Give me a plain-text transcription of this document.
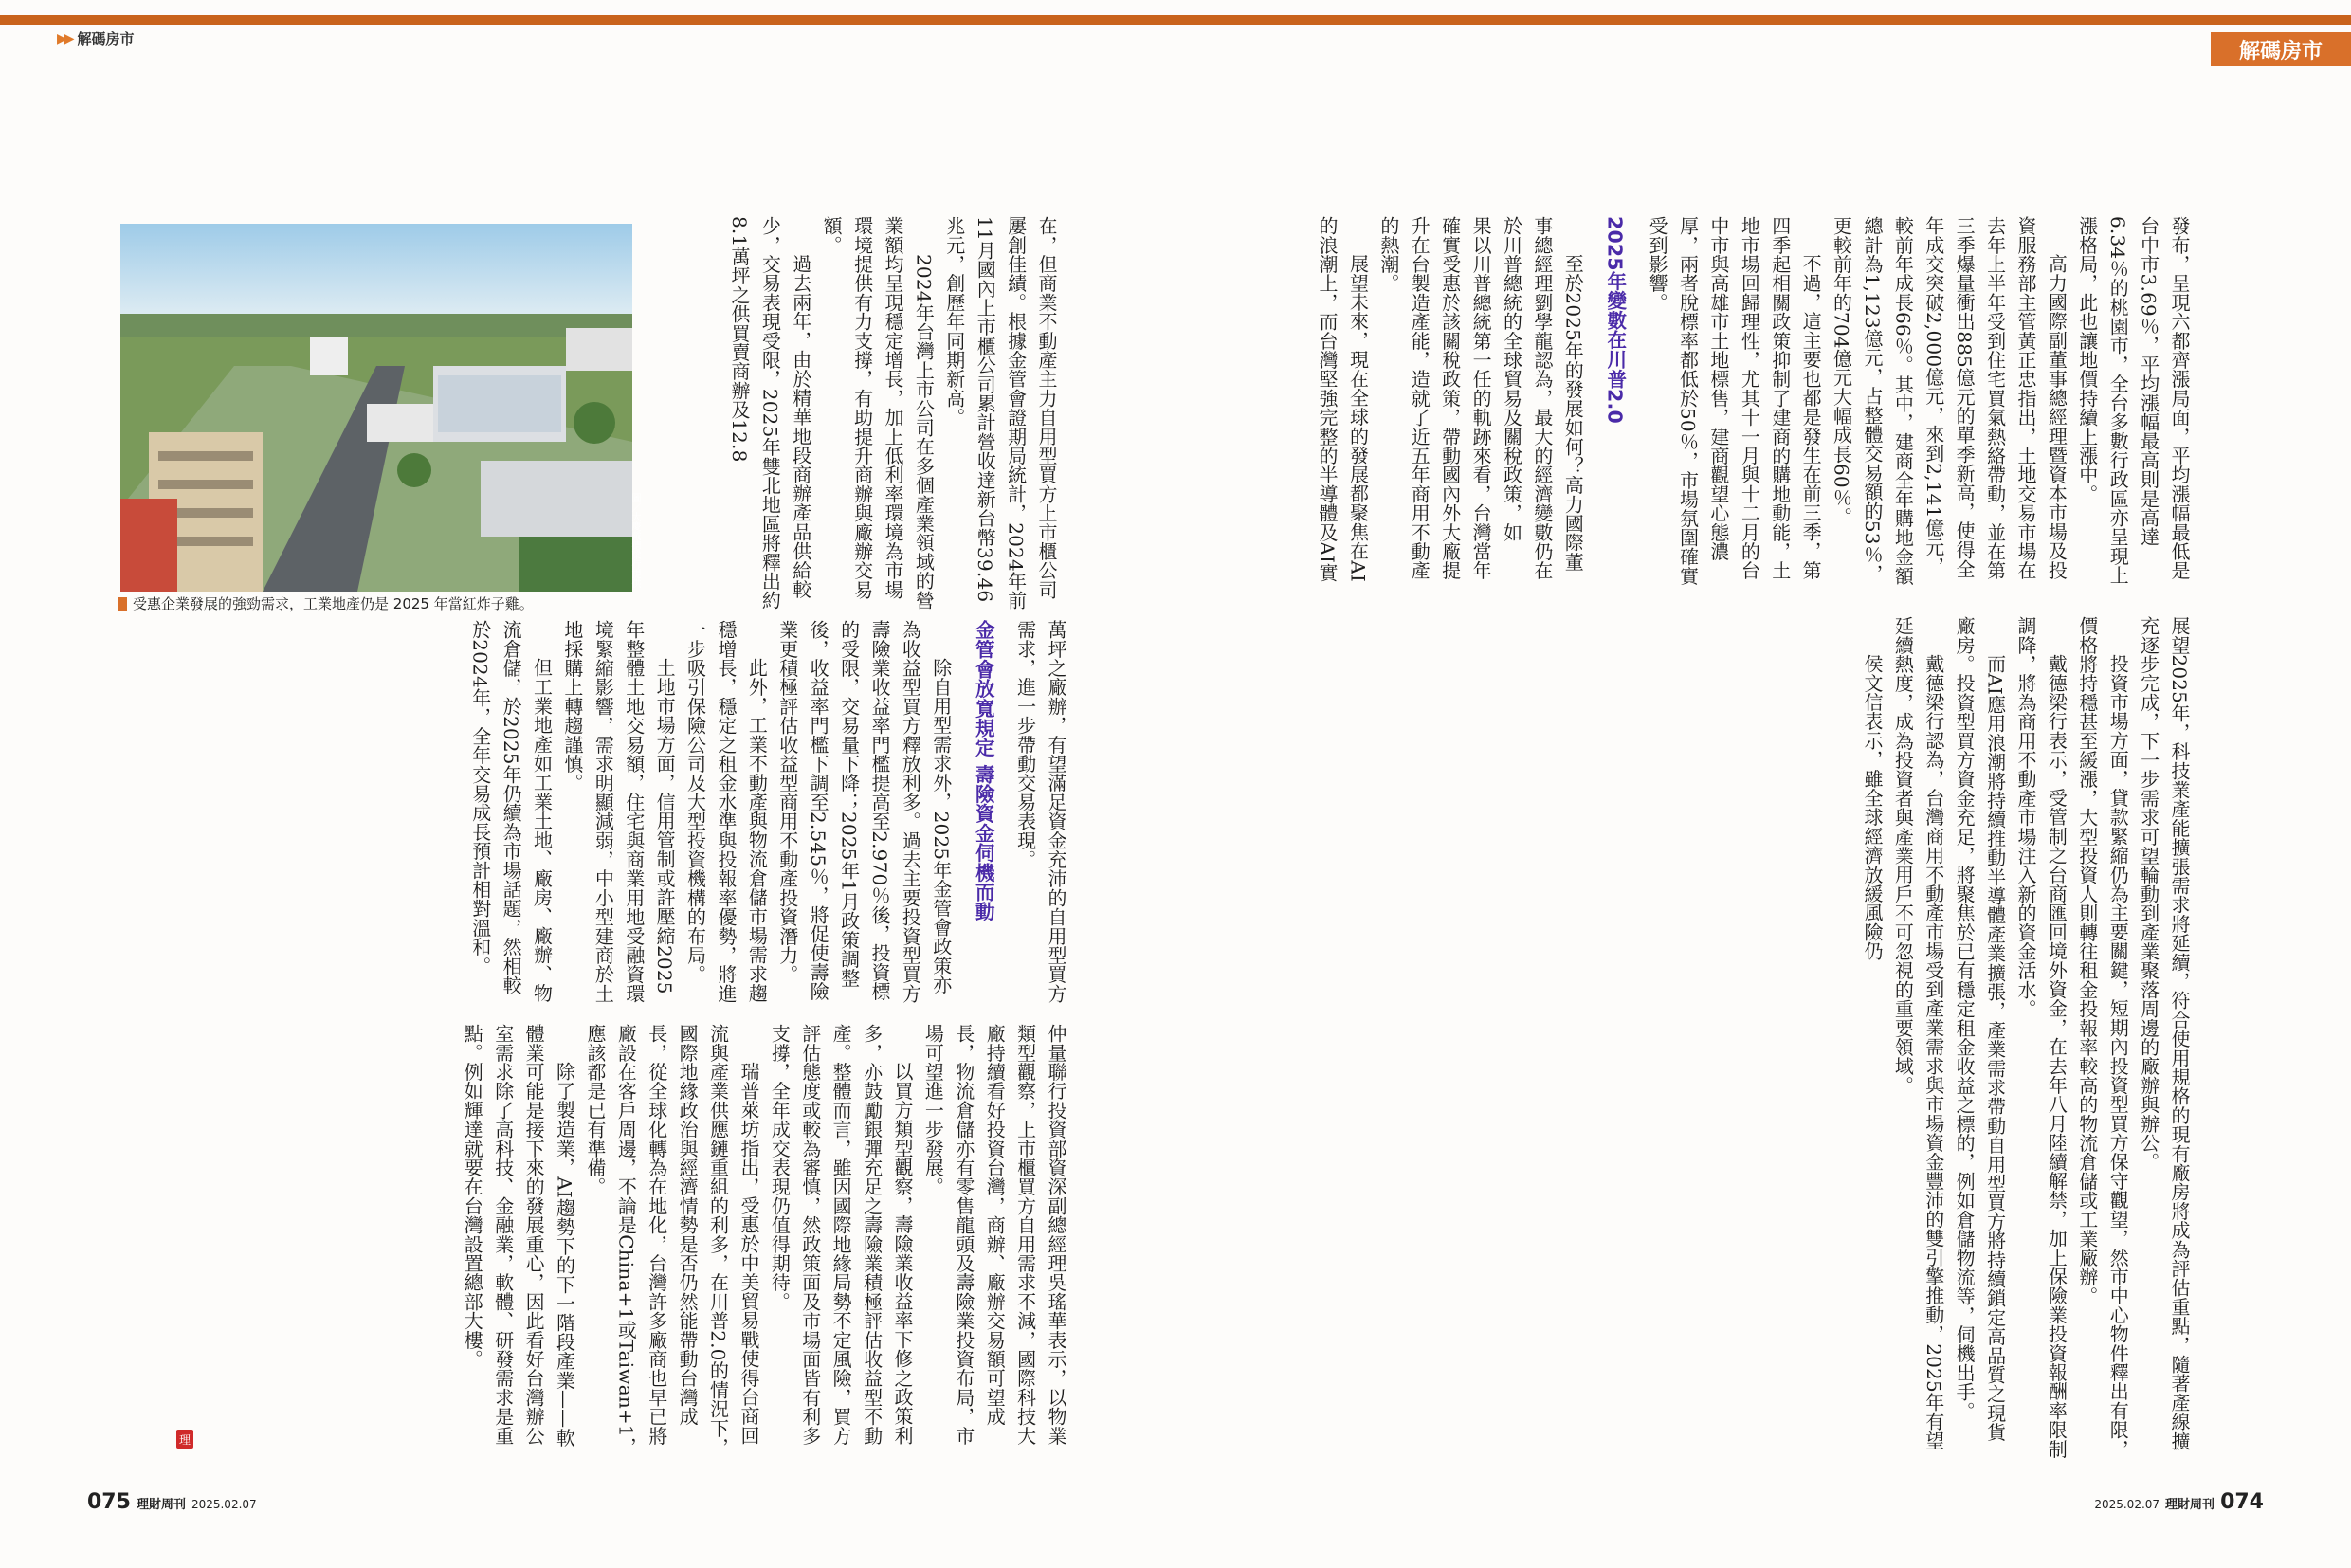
▶▶ 解碼房市
解碼房市

發布，呈現六都齊漲局面，平均漲幅最低是台中市3.69％，平均漲幅最高則是高達6.34％的桃園市，全台多數行政區亦呈現上漲格局，此也讓地價持續上漲中。

高力國際副董事總經理暨資本市場及投資服務部主管黃正忠指出，土地交易市場在去年上半年受到住宅買氣熱絡帶動，並在第三季爆量衝出885億元的單季新高，使得全年成交突破2,000億元，來到2,141億元，較前年成長66％。其中，建商全年購地金額總計為1,123億元，占整體交易額的53％，更較前年的704億元大幅成長60％。

不過，這主要也都是發生在前三季，第四季起相關政策抑制了建商的購地動能，土地市場回歸理性，尤其十一月與十二月的台中市與高雄市土地標售，建商觀望心態濃厚，兩者脫標率都低於50％，市場氛圍確實受到影響。

2025年變數在川普2.0

至於2025年的發展如何？高力國際董事總經理劉學龍認為，最大的經濟變數仍在於川普總統的全球貿易及關稅政策，如

果以川普總統第一任的軌跡來看，台灣當年確實受惠於該關稅政策，帶動國內外大廠提升在台製造產能，造就了近五年商用不動產的熱潮。

展望未來，現在全球的發展都聚焦在AI的浪潮上，而台灣堅強完整的半導體及AI實

展望2025年，科技業產能擴張需求將延續，符合使用規格的現有廠房將成為評估重點，隨著產線擴充逐步完成，下一步需求可望輪動到產業聚落周邊的廠辦與辦公。

投資市場方面，貸款緊縮仍為主要關鍵，短期內投資型買方保守觀望，然市中心物件釋出有限，價格將持穩甚至緩漲，大型投資人則轉往租金投報率較高的物流倉儲或工業廠辦。

戴德梁行表示，受管制之台商匯回境外資金，在去年八月陸續解禁，加上保險業投資報酬率限制調降，將為商用不動產市場注入新的資金活水。

而AI應用浪潮將持續推動半導體產業擴張，產業需求帶動自用型買方將持續鎖定高品質之現貨廠房。投資型買方資金充足，將聚焦於已有穩定租金收益之標的，例如倉儲物流等，伺機出手。

戴德梁行認為，台灣商用不動產市場受到產業需求與市場資金豐沛的雙引擎推動，2025年有望延續熱度，成為投資者與產業用戶不可忽視的重要領域。

侯文信表示，雖全球經濟放緩風險仍

圖／大慶戴德梁行提供
受惠企業發展的強勁需求，工業地產仍是 2025 年當紅炸子雞。

在，但商業不動產主力自用型買方上市櫃公司屢創佳績。根據金管會證期局統計，2024年前11月國內上市櫃公司累計營收達新台幣39.46兆元，創歷年同期新高。

2024年台灣上市公司在多個產業領域的營業額均呈現穩定增長，加上低利率環境為市場環境提供有力支撐，有助提升商辦與廠辦交易額。

過去兩年，由於精華地段商辦產品供給較少，交易表現受限，2025年雙北地區將釋出約8.1萬坪之供買賣商辦及12.8

萬坪之廠辦，有望滿足資金充沛的自用型買方需求，進一步帶動交易表現。

金管會放寬規定 壽險資金伺機而動

除自用型需求外，2025年金管會政策亦為收益型買方釋放利多。過去主要投資型買方壽險業收益率門檻提高至2.970％後，投資標的受限，交易量下降；2025年1月政策調整後，收益率門檻下調至2.545％，將促使壽險業更積極評估收益型商用不動產投資潛力。

此外，工業不動產與物流倉儲市場需求趨穩增長，穩定之租金水準與投報率優勢，將進一步吸引保險公司及大型投資機構的布局。

土地市場方面，信用管制或許壓縮2025年整體土地交易額，住宅與商業用地受融資環境緊縮影響，需求明顯減弱，中小型建商於土地採購上轉趨謹慎。

但工業地產如工業土地、廠房、廠辦、物流倉儲，於2025年仍續為市場話題，然相較於2024年，全年交易成長預計相對溫和。

仲量聯行投資部資深副總經理吳瑤華表示，以物業類型觀察，上市櫃買方自用需求不減，國際科技大廠持續看好投資台灣，商辦、廠辦交易額可望成長，物流倉儲亦有零售龍頭及壽險業投資布局，市場可望進一步發展。

以買方類型觀察，壽險業收益率下修之政策利多，亦鼓勵銀彈充足之壽險業積極評估收益型不動產。整體而言，雖因國際地緣局勢不定風險，買方評估態度或較為審慎，然政策面及市場面皆有利多支撐，全年成交表現仍值得期待。

瑞普萊坊指出，受惠於中美貿易戰使得台商回流與產業供應鏈重組的利多，在川普2.0的情況下，國際地緣政治與經濟情勢是否仍然能帶動台灣成長，從全球化轉為在地化，台灣許多廠商也早已將廠設在客戶周邊，不論是China+1或Taiwan+1，應該都是已有準備。

除了製造業，AI趨勢下的下一階段產業——軟體業可能是接下來的發展重心，因此看好台灣辦公室需求除了高科技、金融業，軟體、研發需求是重點。例如輝達就要在台灣設置總部大樓。

理
075 理財周刊 2025.02.07	2025.02.07 理財周刊 074
